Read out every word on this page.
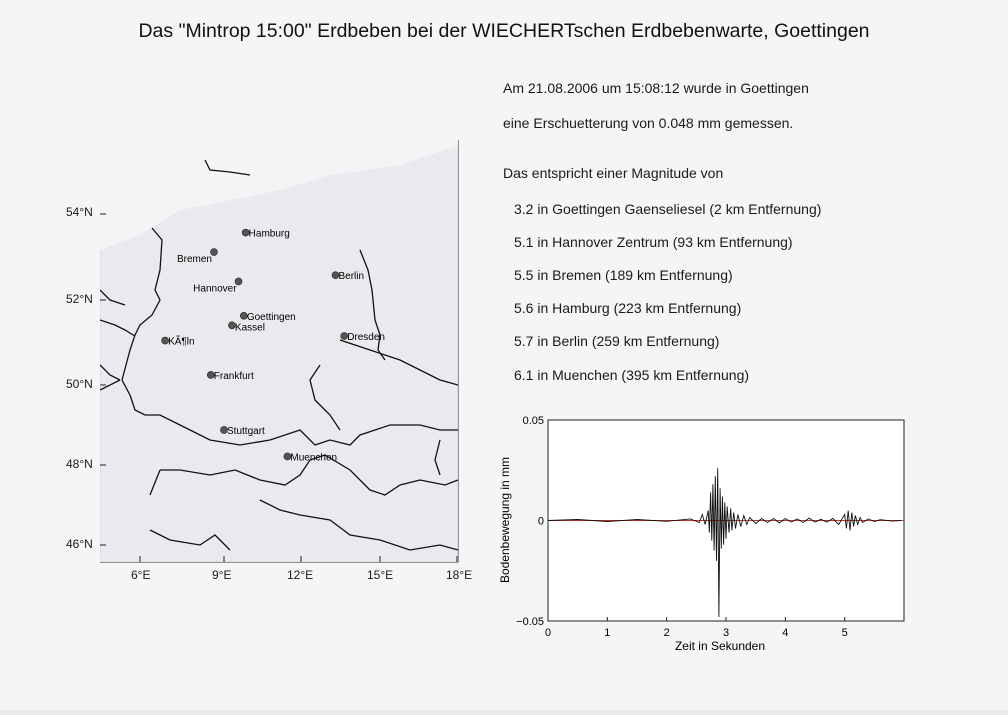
Das "Mintrop 15:00" Erdbeben bei der WIECHERTschen Erdbebenwarte, Goettingen
Am 21.08.2006 um 15:08:12 wurde in Goettingen
eine Erschuetterung von 0.048 mm gemessen.
Das entspricht einer Magnitude von
3.2 in Goettingen Gaenseliesel (2 km Entfernung)
5.1 in Hannover Zentrum (93 km Entfernung)
5.5 in Bremen (189 km Entfernung)
5.6 in Hamburg (223 km Entfernung)
5.7 in Berlin (259 km Entfernung)
6.1 in Muenchen (395 km Entfernung)
Hamburg
Bremen
Hannover
Berlin
Goettingen
Kassel
KÃ¶ln	Dresden
Frankfurt
Stuttgart
Muenchen
54°N
52°N
50°N
48°N
46°N
6°E	9°E	12°E	15°E	18°E
0	1	2	3	4	5
0.05
0
−0.05
Zeit in Sekunden
Bodenbewegung in mm
